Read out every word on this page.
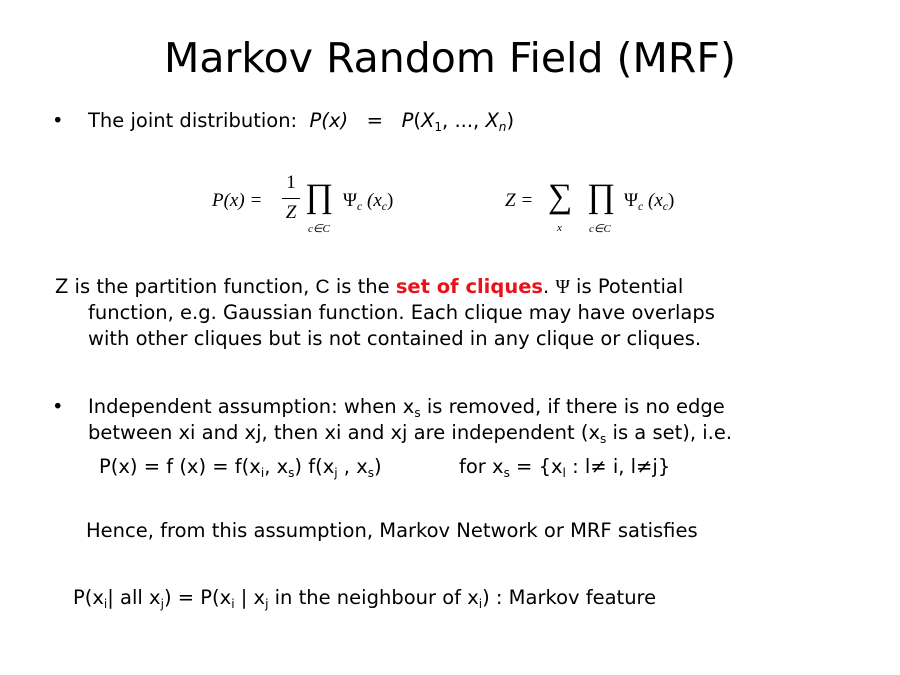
Markov Random Field (MRF)
• The joint distribution: $P(x) = P(X_1$, ..., $X_n$)
P(x) =
1
Z ∏
c∈C
$\Psi_c$ $(x_c)$	Z = ∑
x
∏
c∈C
$\Psi_c$ $(x_c)$
Z is the partition function, C is the set of cliques. Ψ is Potential
function, e.g. Gaussian function. Each clique may have overlaps
with other cliques but is not contained in any clique or cliques.
• Independent assumption: when $x_s$ is removed, if there is no edge
between xi and xj, then xi and xj are independent ($x_s$ is a set), i.e.
P(x) = f $(x) = f(x_i$, $x_s$) $f(x_j$ , $x_s$)	for $x_s = \{x_l$ : l≠ i, l≠j}
Hence, from this assumption, Markov Network or MRF satisfies
$P(x_i|$ all $x_j) = P(x_i$ | $x_j$ in the neighbour of $x_i$) : Markov feature
